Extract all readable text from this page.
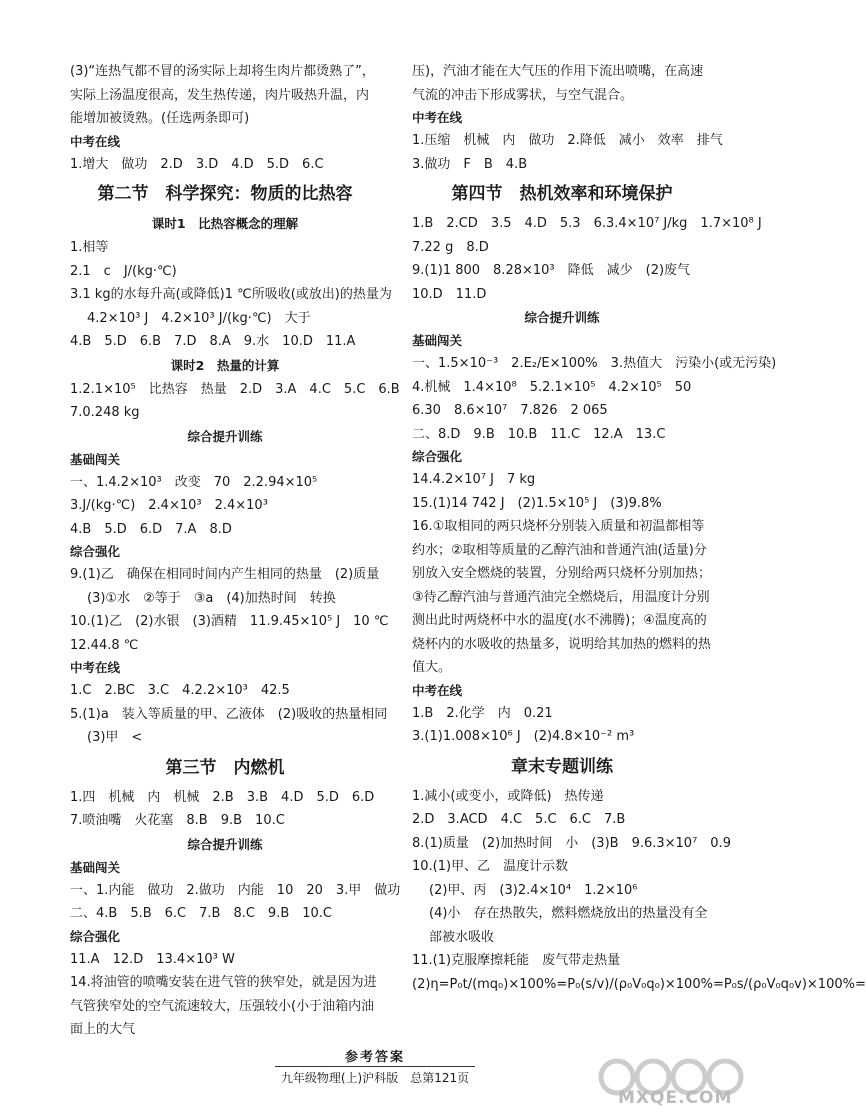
(3)“连热气都不冒的汤实际上却将生肉片都烫熟了”，实际上汤温度很高，发生热传递，肉片吸热升温，内能增加被烫熟。(任选两条即可)
中考在线
1.增大　做功　2.D　3.D　4.D　5.D　6.C
第二节　科学探究：物质的比热容
课时1　比热容概念的理解
1.相等
2.1　c　J/(kg·℃)
3.1 kg的水每升高(或降低)1 ℃所吸收(或放出)的热量为
4.2×10³ J　4.2×10³ J/(kg·℃)　大于
4.B　5.D　6.B　7.D　8.A　9.水　10.D　11.A
课时2　热量的计算
1.2.1×10⁵　比热容　热量　2.D　3.A　4.C　5.C　6.B
7.0.248 kg
综合提升训练
基础闯关
一、1.4.2×10³　改变　70　2.2.94×10⁵
3.J/(kg·℃)　2.4×10³　2.4×10³
4.B　5.D　6.D　7.A　8.D
综合强化
9.(1)乙　确保在相同时间内产生相同的热量　(2)质量
(3)①水　②等于　③a　(4)加热时间　转换
10.(1)乙　(2)水银　(3)酒精　11.9.45×10⁵ J　10 ℃
12.44.8 ℃
中考在线
1.C　2.BC　3.C　4.2.2×10³　42.5
5.(1)a　装入等质量的甲、乙液体　(2)吸收的热量相同
(3)甲　<
第三节　内燃机
1.四　机械　内　机械　2.B　3.B　4.D　5.D　6.D
7.喷油嘴　火花塞　8.B　9.B　10.C
综合提升训练
基础闯关
一、1.内能　做功　2.做功　内能　10　20　3.甲　做功
二、4.B　5.B　6.C　7.B　8.C　9.B　10.C
综合强化
11.A　12.D　13.4×10³ W
14.将油管的喷嘴安装在进气管的狭窄处，就是因为进气管狭窄处的空气流速较大，压强较小(小于油箱内油面上的大气
压)，汽油才能在大气压的作用下流出喷嘴，在高速气流的冲击下形成雾状，与空气混合。
中考在线
1.压缩　机械　内　做功　2.降低　减小　效率　排气
3.做功　F　B　4.B
第四节　热机效率和环境保护
1.B　2.CD　3.5　4.D　5.3　6.3.4×10⁷ J/kg　1.7×10⁸ J
7.22 g　8.D
9.(1)1 800　8.28×10³　降低　减少　(2)废气
10.D　11.D
综合提升训练
基础闯关
一、1.5×10⁻³　2.E₂/E×100%　3.热值大　污染小(或无污染)
4.机械　1.4×10⁸　5.2.1×10⁵　4.2×10⁵　50
6.30　8.6×10⁷　7.826　2 065
二、8.D　9.B　10.B　11.C　12.A　13.C
综合强化
14.4.2×10⁷ J　7 kg
15.(1)14 742 J　(2)1.5×10⁵ J　(3)9.8%
16.①取相同的两只烧杯分别装入质量和初温都相等约水；②取相等质量的乙醇汽油和普通汽油(适量)分别放入安全燃烧的装置，分别给两只烧杯分别加热；③待乙醇汽油与普通汽油完全燃烧后，用温度计分别测出此时两烧杯中水的温度(水不沸腾)；④温度高的烧杯内的水吸收的热量多，说明给其加热的燃料的热值大。
中考在线
1.B　2.化学　内　0.21
3.(1)1.008×10⁶ J　(2)4.8×10⁻² m³
章末专题训练
1.减小(或变小，或降低)　热传递
2.D　3.ACD　4.C　5.C　6.C　7.B
8.(1)质量　(2)加热时间　小　(3)B　9.6.3×10⁷　0.9
10.(1)甲、乙　温度计示数
(2)甲、丙　(3)2.4×10⁴　1.2×10⁶
(4)小　存在热散失，燃料燃烧放出的热量没有全部被水吸收
11.(1)克服摩擦耗能　废气带走热量
(2)η=P₀t/(mq₀)×100%=P₀(s/v)/(ρ₀V₀q₀)×100%=P₀s/(ρ₀V₀q₀v)×100%=
参考答案
九年级物理(上)沪科版　总第121页
MXQE.COM
